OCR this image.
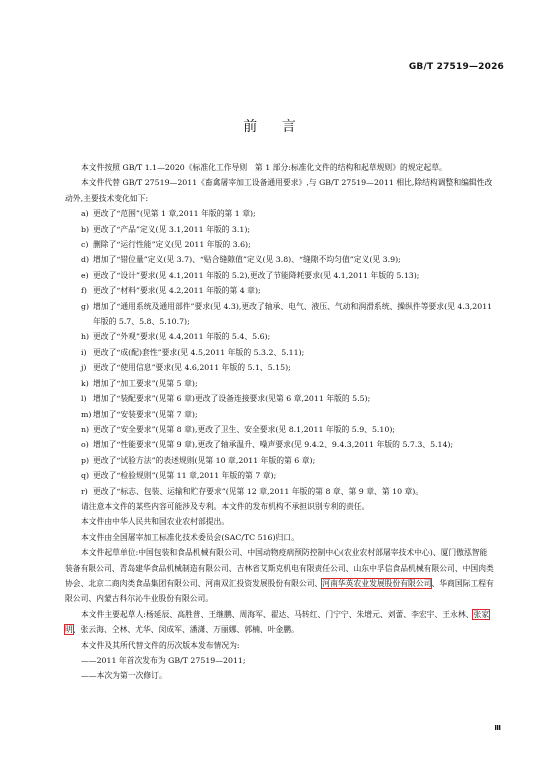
GB/T 27519—2026
前 言

本文件按照 GB/T 1.1—2020《标准化工作导则　第 1 部分:标准化文件的结构和起草规则》的规定起草。

本文件代替 GB/T 27519—2011《畜禽屠宰加工设备通用要求》,与 GB/T 27519—2011 相比,除结构调整和编辑性改动外,主要技术变化如下:

a) 更改了“范围”(见第 1 章,2011 年版的第 1 章);

b) 更改了“产品”定义(见 3.1,2011 年版的 3.1);

c) 删除了“运行性能”定义(见 2011 年版的 3.6);

d) 增加了“错位量”定义(见 3.7)、“贴合缝隙值”定义(见 3.8)、“缝隙不均匀值”定义(见 3.9);

e) 更改了“设计”要求(见 4.1,2011 年版的 5.2),更改了节能降耗要求(见 4.1,2011 年版的 5.13);

f) 更改了“材料”要求(见 4.2,2011 年版的第 4 章);

g) 增加了“通用系统及通用部件”要求(见 4.3),更改了轴承、电气、液压、气动和润滑系统、操纵件等要求(见 4.3,2011 年版的 5.7、5.8、5.10.7);

h) 更改了“外观”要求(见 4.4,2011 年版的 5.4、5.6);

i) 更改了“成(配)套性”要求(见 4.5,2011 年版的 5.3.2、5.11);

j) 更改了“使用信息”要求(见 4.6,2011 年版的 5.1、5.15);

k) 增加了“加工要求”(见第 5 章);

l) 增加了“装配要求”(见第 6 章)更改了设备连接要求(见第 6 章,2011 年版的 5.5);

m) 增加了“安装要求”(见第 7 章);

n) 更改了“安全要求”(见第 8 章),更改了卫生、安全要求(见 8.1,2011 年版的 5.9、5.10);

o) 增加了“性能要求”(见第 9 章),更改了轴承温升、噪声要求(见 9.4.2、9.4.3,2011 年版的 5.7.3、5.14);

p) 更改了“试验方法”的表述规则(见第 10 章,2011 年版的第 6 章);

q) 更改了“检验规则”(见第 11 章,2011 年版的第 7 章);

r) 更改了“标志、包装、运输和贮存要求”(见第 12 章,2011 年版的第 8 章、第 9 章、第 10 章)。

请注意本文件的某些内容可能涉及专利。本文件的发布机构不承担识别专利的责任。

本文件由中华人民共和国农业农村部提出。

本文件由全国屠宰加工标准化技术委员会(SAC/TC 516)归口。

本文件起草单位:中国包装和食品机械有限公司、中国动物疫病预防控制中心(农业农村部屠宰技术中心)、厦门傲泓智能装备有限公司、青岛建华食品机械制造有限公司、吉林省艾斯克机电有限责任公司、山东中孚信食品机械有限公司、中国肉类协会、北京二商肉类食品集团有限公司、河南双汇投资发展股份有限公司、河南华英农业发展股份有限公司、华商国际工程有限公司、内蒙古科尔沁牛业股份有限公司。

本文件主要起草人:杨延辰、高胜普、王继鹏、周海军、翟达、马转红、门宁宁、朱增元、刘蕾、李宏宇、王永林、张家明、张云海、仝林、尤华、闵成军、潘潇、万丽娜、郭楠、叶金鹏。

本文件及其所代替文件的历次版本发布情况为:

——2011 年首次发布为 GB/T 27519—2011;

——本次为第一次修订。

Ⅲ
